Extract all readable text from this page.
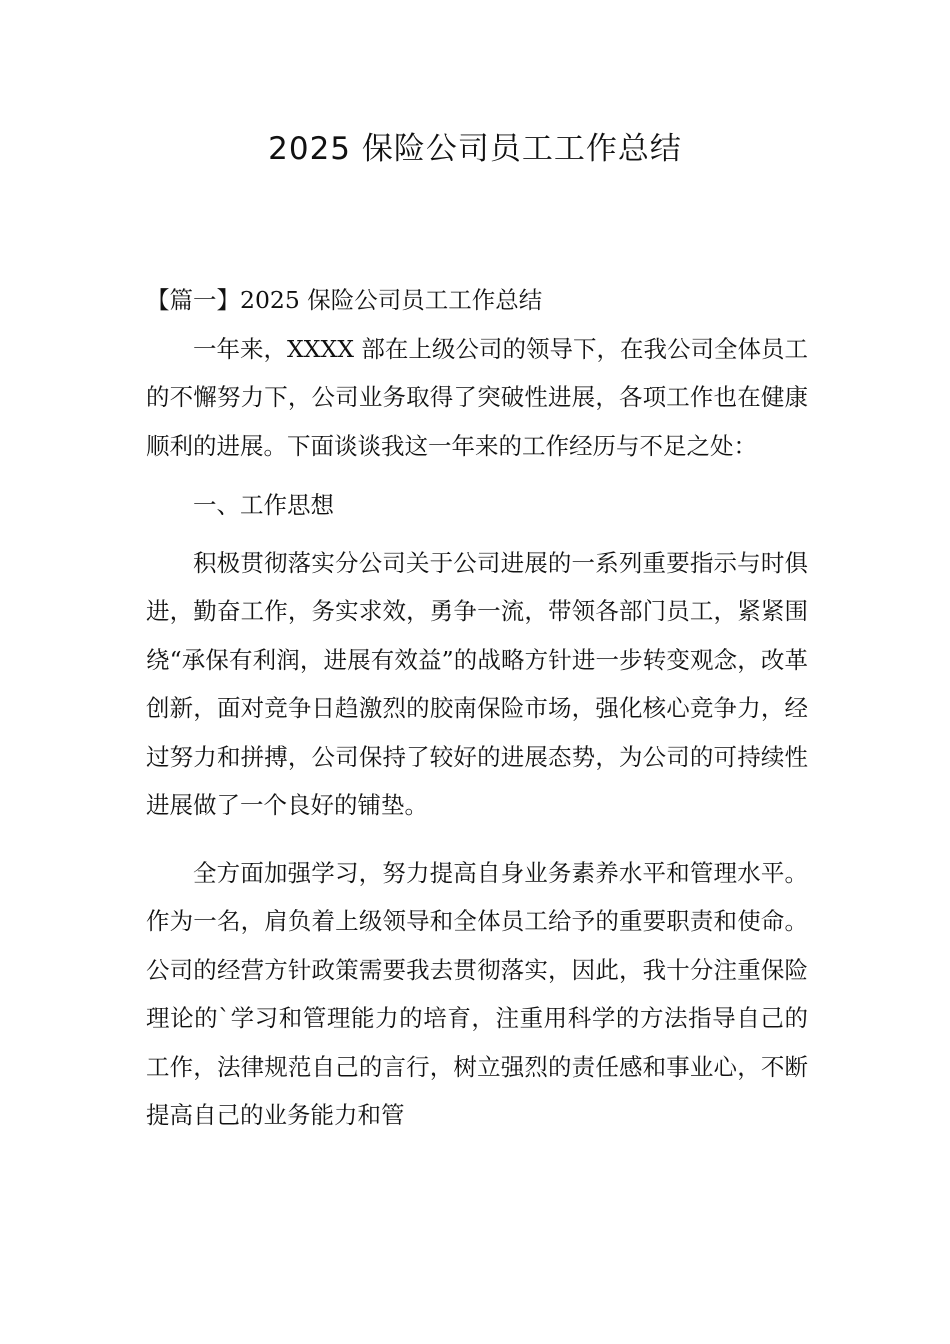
2025 保险公司员工工作总结

【篇一】2025 保险公司员工工作总结

一年来，XXXX 部在上级公司的领导下，在我公司全体员工的不懈努力下，公司业务取得了突破性进展，各项工作也在健康顺利的进展。下面谈谈我这一年来的工作经历与不足之处：

一、工作思想

积极贯彻落实分公司关于公司进展的一系列重要指示与时俱进，勤奋工作，务实求效，勇争一流，带领各部门员工，紧紧围绕“承保有利润，进展有效益”的战略方针进一步转变观念，改革创新，面对竞争日趋激烈的胶南保险市场，强化核心竞争力，经过努力和拼搏，公司保持了较好的进展态势，为公司的可持续性进展做了一个良好的铺垫。

全方面加强学习，努力提高自身业务素养水平和管理水平。作为一名，肩负着上级领导和全体员工给予的重要职责和使命。公司的经营方针政策需要我去贯彻落实，因此，我十分注重保险理论的`学习和管理能力的培育，注重用科学的方法指导自己的工作，法律规范自己的言行，树立强烈的责任感和事业心，不断提高自己的业务能力和管
